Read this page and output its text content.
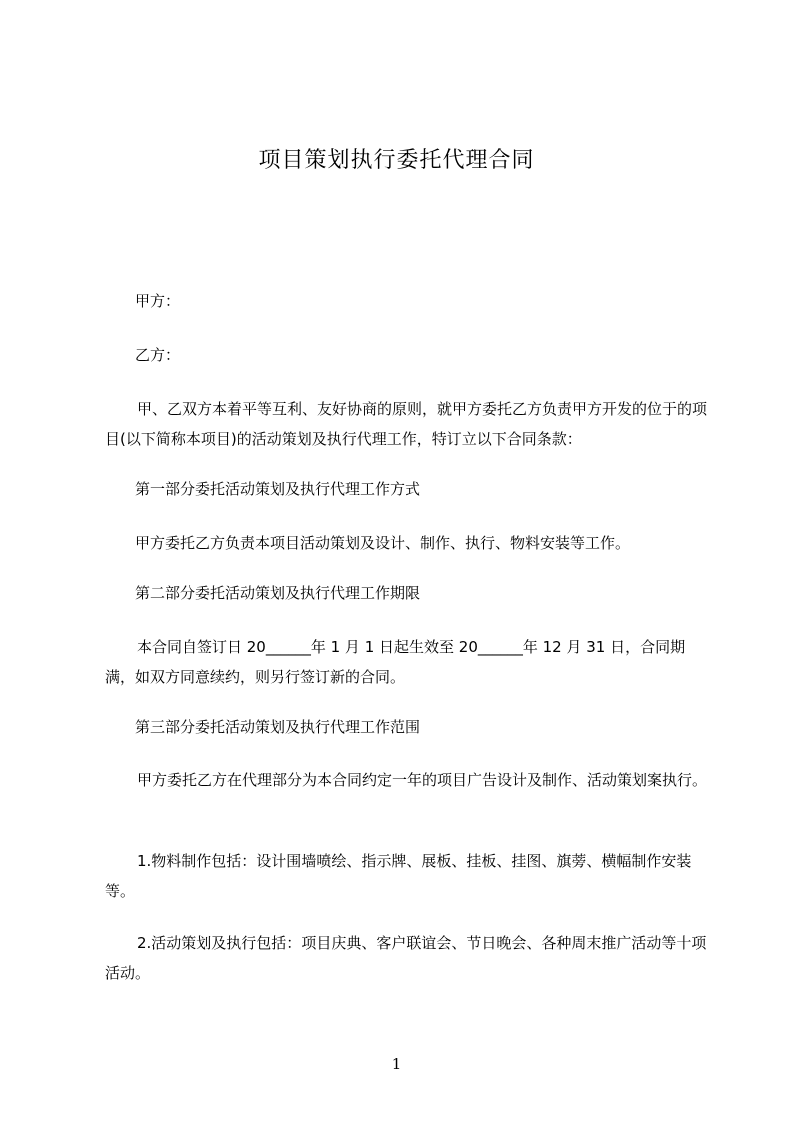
项目策划执行委托代理合同
甲方：
乙方：
甲、乙双方本着平等互利、友好协商的原则，就甲方委托乙方负责甲方开发的位于的项目(以下简称本项目)的活动策划及执行代理工作，特订立以下合同条款：
第一部分委托活动策划及执行代理工作方式
甲方委托乙方负责本项目活动策划及设计、制作、执行、物料安装等工作。
第二部分委托活动策划及执行代理工作期限
本合同自签订日 20______年 1 月 1 日起生效至 20______年 12 月 31 日，合同期满，如双方同意续约，则另行签订新的合同。
第三部分委托活动策划及执行代理工作范围
甲方委托乙方在代理部分为本合同约定一年的项目广告设计及制作、活动策划案执行。
1.物料制作包括：设计围墙喷绘、指示牌、展板、挂板、挂图、旗蒡、横幅制作安装等。
2.活动策划及执行包括：项目庆典、客户联谊会、节日晚会、各种周末推广活动等十项活动。
1
